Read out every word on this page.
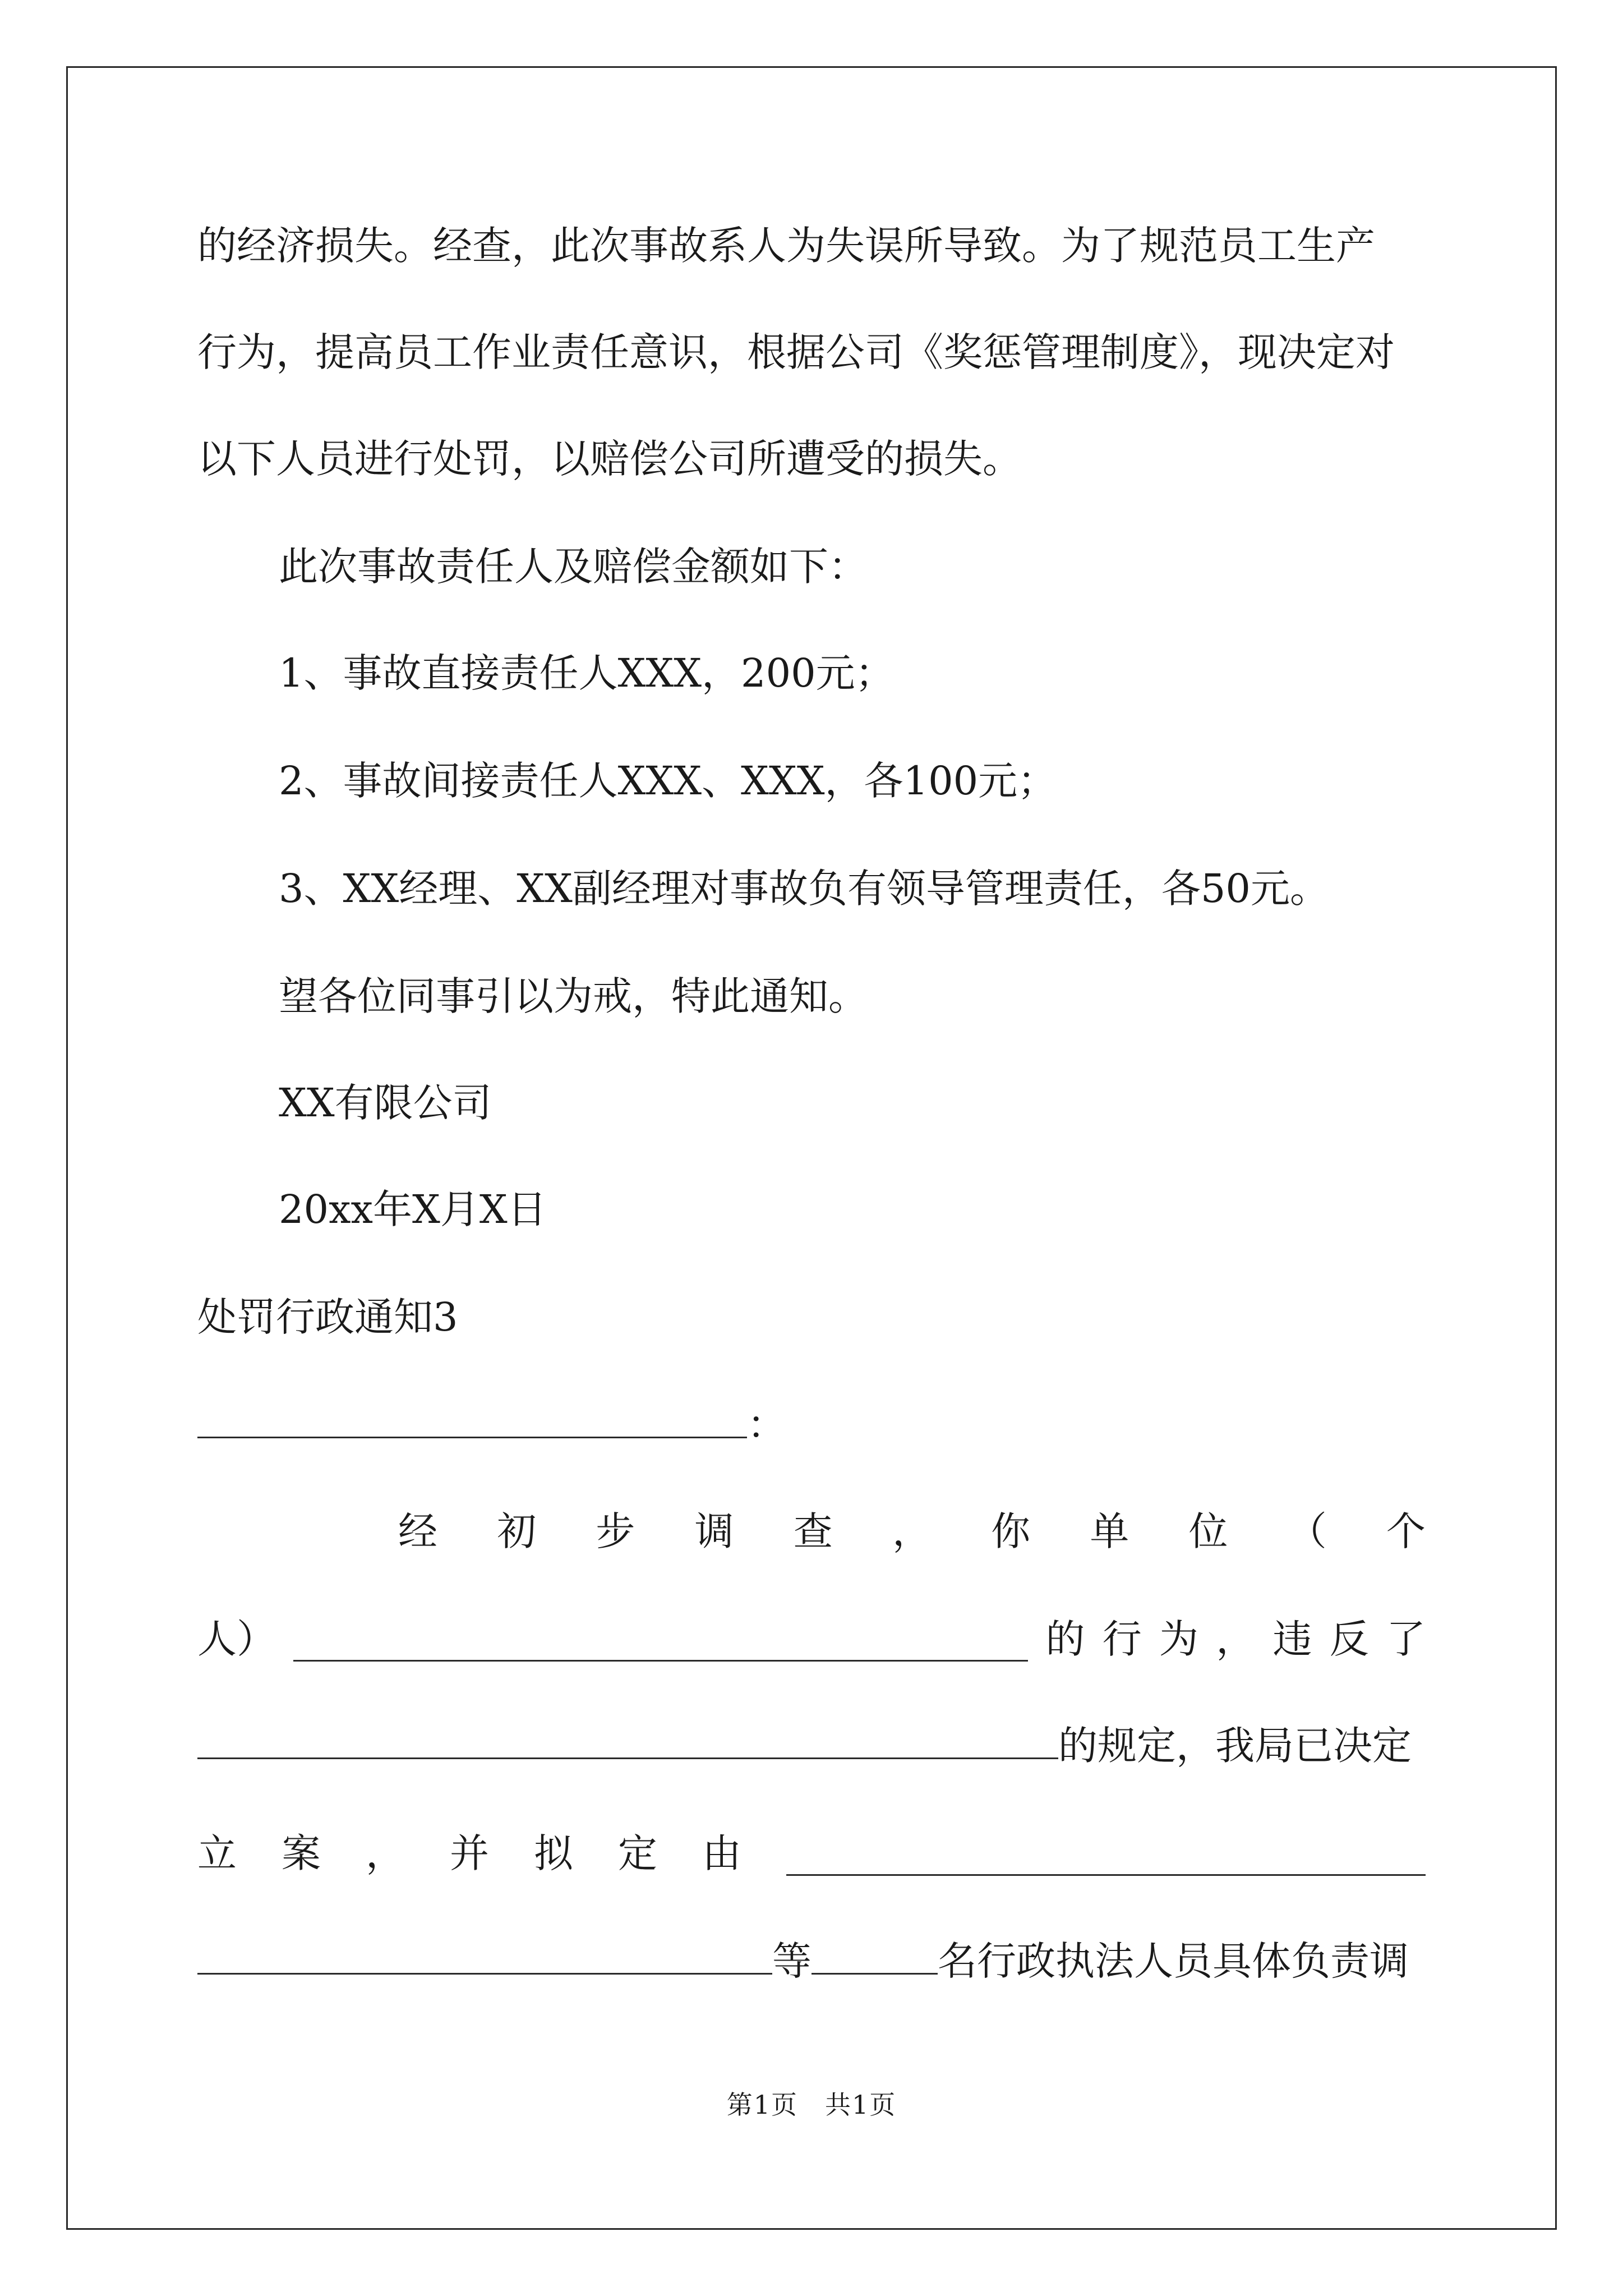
的经济损失。经查，此次事故系人为失误所导致。为了规范员工生产
行为，提高员工作业责任意识，根据公司《奖惩管理制度》，现决定对
以下人员进行处罚，以赔偿公司所遭受的损失。
此次事故责任人及赔偿金额如下：
1、事故直接责任人XXX，200元；
2、事故间接责任人XXX、XXX，各100元；
3、XX经理、XX副经理对事故负有领导管理责任，各50元。
望各位同事引以为戒，特此通知。
XX有限公司
20xx年X月X日
处罚行政通知3
：
经 初 步 调 查 ， 你 单 位 （ 个
人）	的 行 为 ， 违 反 了
的规定，我局已决定
立 案 ， 并 拟 定 由
等	名行政执法人员具体负责调
第1页　共1页
